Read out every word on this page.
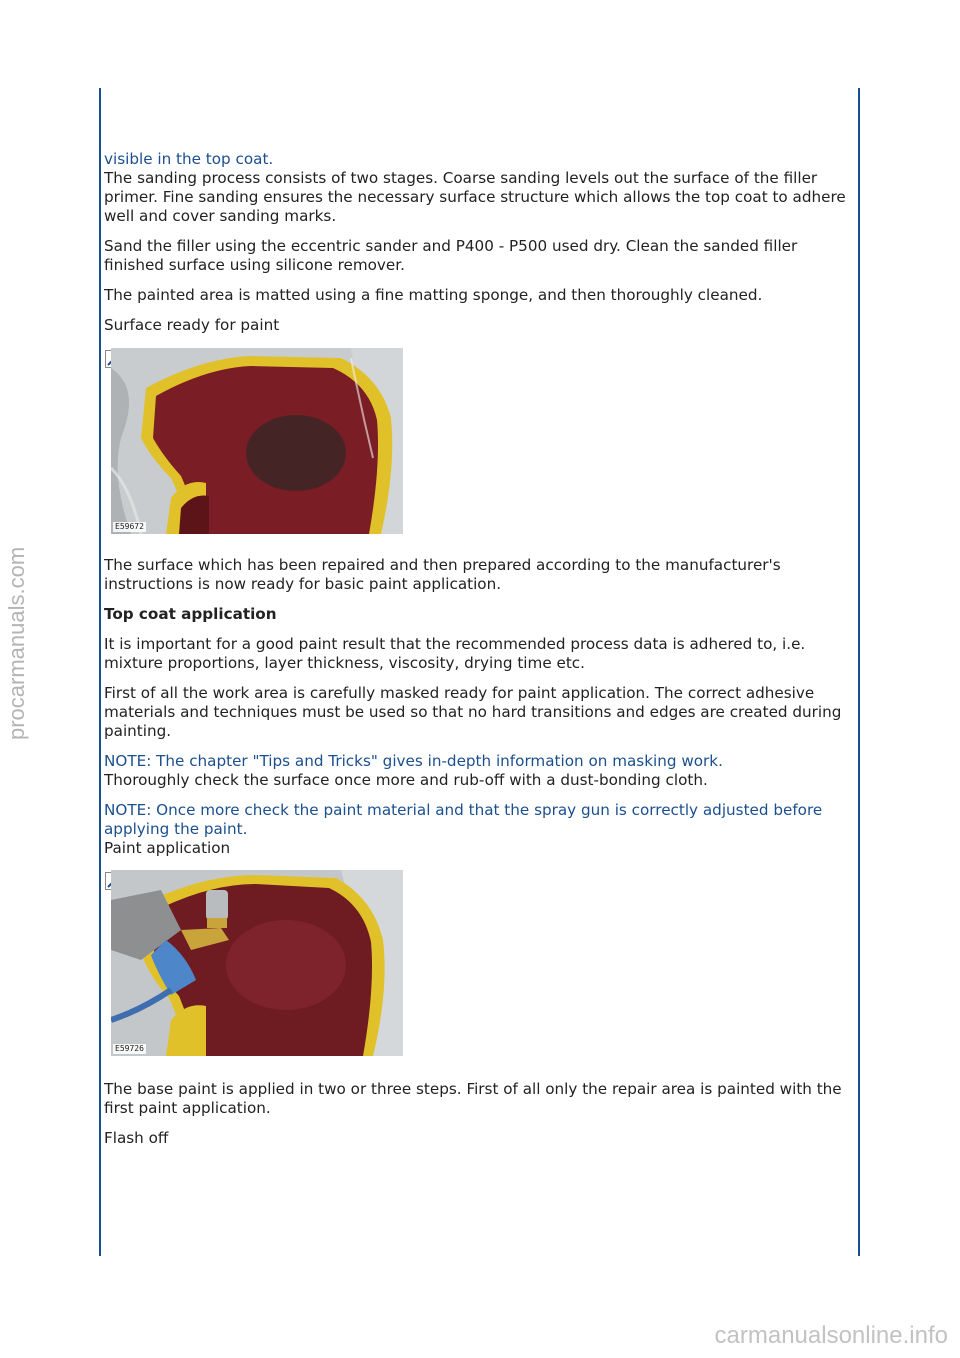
procarmanuals.com
carmanualsonline.info
visible in the top coat.

The sanding process consists of two stages. Coarse sanding levels out the surface of the filler primer. Fine sanding ensures the necessary surface structure which allows the top coat to adhere well and cover sanding marks.

Sand the filler using the eccentric sander and P400 - P500 used dry. Clean the sanded filler finished surface using silicone remover.

The painted area is matted using a fine matting sponge, and then thoroughly cleaned.

Surface ready for paint

E59672

The surface which has been repaired and then prepared according to the manufacturer's instructions is now ready for basic paint application.

Top coat application

It is important for a good paint result that the recommended process data is adhered to, i.e. mixture proportions, layer thickness, viscosity, drying time etc.

First of all the work area is carefully masked ready for paint application. The correct adhesive materials and techniques must be used so that no hard transitions and edges are created during painting.

NOTE: The chapter "Tips and Tricks" gives in-depth information on masking work.

Thoroughly check the surface once more and rub-off with a dust-bonding cloth.

NOTE: Once more check the paint material and that the spray gun is correctly adjusted before applying the paint.

Paint application

E59726

The base paint is applied in two or three steps. First of all only the repair area is painted with the first paint application.

Flash off
